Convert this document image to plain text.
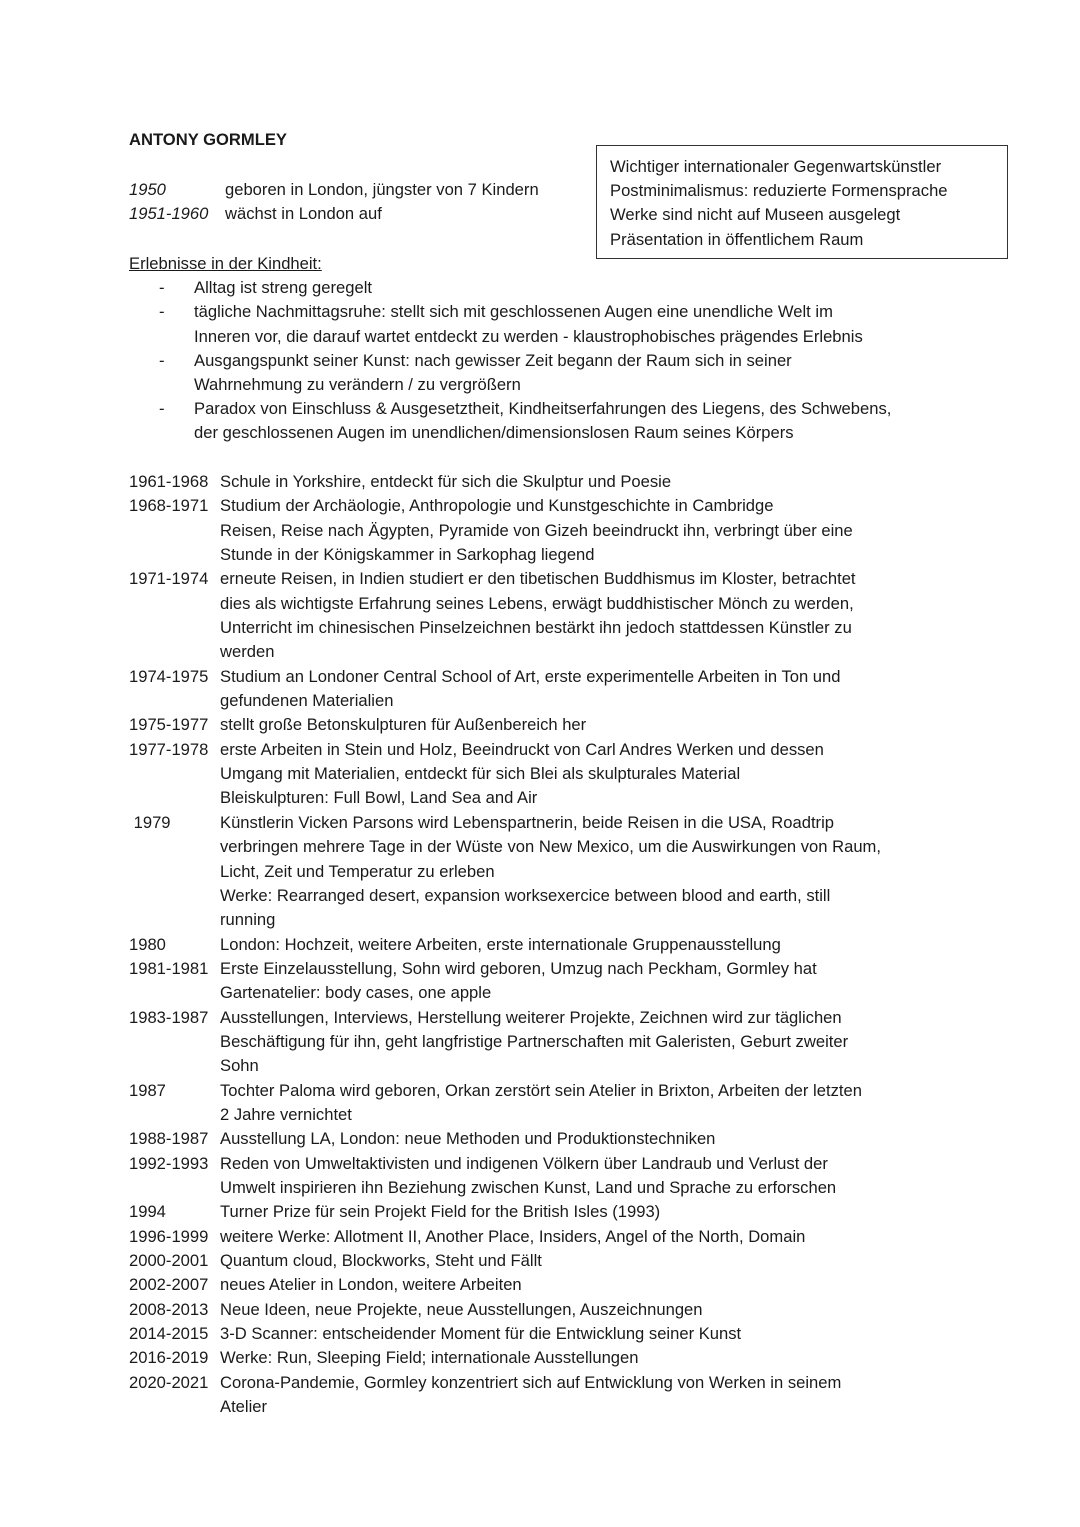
ANTONY GORMLEY
Wichtiger internationaler Gegenwartskünstler
Postminimalismus: reduzierte Formensprache
Werke sind nicht auf Museen ausgelegt
Präsentation in öffentlichem Raum
1950	geboren in London, jüngster von 7 Kindern
1951-1960 wächst in London auf
Erlebnisse in der Kindheit:
- Alltag ist streng geregelt
- tägliche Nachmittagsruhe: stellt sich mit geschlossenen Augen eine unendliche Welt im
Inneren vor, die darauf wartet entdeckt zu werden - klaustrophobisches prägendes Erlebnis
- Ausgangspunkt seiner Kunst: nach gewisser Zeit begann der Raum sich in seiner
Wahrnehmung zu verändern / zu vergrößern
- Paradox von Einschluss & Ausgesetztheit, Kindheitserfahrungen des Liegens, des Schwebens,
der geschlossenen Augen im unendlichen/dimensionslosen Raum seines Körpers
1961-1968 Schule in Yorkshire, entdeckt für sich die Skulptur und Poesie
1968-1971 Studium der Archäologie, Anthropologie und Kunstgeschichte in Cambridge
Reisen, Reise nach Ägypten, Pyramide von Gizeh beeindruckt ihn, verbringt über eine
Stunde in der Königskammer in Sarkophag liegend
1971-1974 erneute Reisen, in Indien studiert er den tibetischen Buddhismus im Kloster, betrachtet
dies als wichtigste Erfahrung seines Lebens, erwägt buddhistischer Mönch zu werden,
Unterricht im chinesischen Pinselzeichnen bestärkt ihn jedoch stattdessen Künstler zu
werden
1974-1975 Studium an Londoner Central School of Art, erste experimentelle Arbeiten in Ton und
gefundenen Materialien
1975-1977 stellt große Betonskulpturen für Außenbereich her
1977-1978 erste Arbeiten in Stein und Holz, Beeindruckt von Carl Andres Werken und dessen
Umgang mit Materialien, entdeckt für sich Blei als skulpturales Material
Bleiskulpturen: Full Bowl, Land Sea and Air
1979	Künstlerin Vicken Parsons wird Lebenspartnerin, beide Reisen in die USA, Roadtrip
verbringen mehrere Tage in der Wüste von New Mexico, um die Auswirkungen von Raum,
Licht, Zeit und Temperatur zu erleben
Werke: Rearranged desert, expansion worksexercice between blood and earth, still
running
1980	London: Hochzeit, weitere Arbeiten, erste internationale Gruppenausstellung
1981-1981 Erste Einzelausstellung, Sohn wird geboren, Umzug nach Peckham, Gormley hat
Gartenatelier: body cases, one apple
1983-1987 Ausstellungen, Interviews, Herstellung weiterer Projekte, Zeichnen wird zur täglichen
Beschäftigung für ihn, geht langfristige Partnerschaften mit Galeristen, Geburt zweiter
Sohn
1987	Tochter Paloma wird geboren, Orkan zerstört sein Atelier in Brixton, Arbeiten der letzten
2 Jahre vernichtet
1988-1987 Ausstellung LA, London: neue Methoden und Produktionstechniken
1992-1993 Reden von Umweltaktivisten und indigenen Völkern über Landraub und Verlust der
Umwelt inspirieren ihn Beziehung zwischen Kunst, Land und Sprache zu erforschen
1994	Turner Prize für sein Projekt Field for the British Isles (1993)
1996-1999 weitere Werke: Allotment II, Another Place, Insiders, Angel of the North, Domain
2000-2001 Quantum cloud, Blockworks, Steht und Fällt
2002-2007 neues Atelier in London, weitere Arbeiten
2008-2013 Neue Ideen, neue Projekte, neue Ausstellungen, Auszeichnungen
2014-2015 3-D Scanner: entscheidender Moment für die Entwicklung seiner Kunst
2016-2019 Werke: Run, Sleeping Field; internationale Ausstellungen
2020-2021 Corona-Pandemie, Gormley konzentriert sich auf Entwicklung von Werken in seinem
Atelier
